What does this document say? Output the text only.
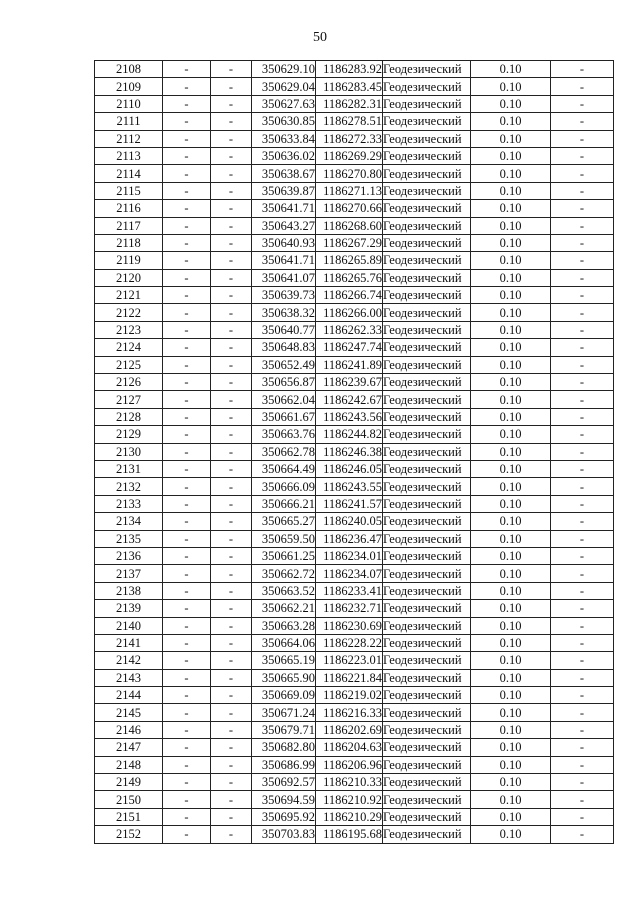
50
2108	-	-	350629.10	1186283.92	Геодезический	0.10	-
2109	-	-	350629.04	1186283.45	Геодезический	0.10	-
2110	-	-	350627.63	1186282.31	Геодезический	0.10	-
2111	-	-	350630.85	1186278.51	Геодезический	0.10	-
2112	-	-	350633.84	1186272.33	Геодезический	0.10	-
2113	-	-	350636.02	1186269.29	Геодезический	0.10	-
2114	-	-	350638.67	1186270.80	Геодезический	0.10	-
2115	-	-	350639.87	1186271.13	Геодезический	0.10	-
2116	-	-	350641.71	1186270.66	Геодезический	0.10	-
2117	-	-	350643.27	1186268.60	Геодезический	0.10	-
2118	-	-	350640.93	1186267.29	Геодезический	0.10	-
2119	-	-	350641.71	1186265.89	Геодезический	0.10	-
2120	-	-	350641.07	1186265.76	Геодезический	0.10	-
2121	-	-	350639.73	1186266.74	Геодезический	0.10	-
2122	-	-	350638.32	1186266.00	Геодезический	0.10	-
2123	-	-	350640.77	1186262.33	Геодезический	0.10	-
2124	-	-	350648.83	1186247.74	Геодезический	0.10	-
2125	-	-	350652.49	1186241.89	Геодезический	0.10	-
2126	-	-	350656.87	1186239.67	Геодезический	0.10	-
2127	-	-	350662.04	1186242.67	Геодезический	0.10	-
2128	-	-	350661.67	1186243.56	Геодезический	0.10	-
2129	-	-	350663.76	1186244.82	Геодезический	0.10	-
2130	-	-	350662.78	1186246.38	Геодезический	0.10	-
2131	-	-	350664.49	1186246.05	Геодезический	0.10	-
2132	-	-	350666.09	1186243.55	Геодезический	0.10	-
2133	-	-	350666.21	1186241.57	Геодезический	0.10	-
2134	-	-	350665.27	1186240.05	Геодезический	0.10	-
2135	-	-	350659.50	1186236.47	Геодезический	0.10	-
2136	-	-	350661.25	1186234.01	Геодезический	0.10	-
2137	-	-	350662.72	1186234.07	Геодезический	0.10	-
2138	-	-	350663.52	1186233.41	Геодезический	0.10	-
2139	-	-	350662.21	1186232.71	Геодезический	0.10	-
2140	-	-	350663.28	1186230.69	Геодезический	0.10	-
2141	-	-	350664.06	1186228.22	Геодезический	0.10	-
2142	-	-	350665.19	1186223.01	Геодезический	0.10	-
2143	-	-	350665.90	1186221.84	Геодезический	0.10	-
2144	-	-	350669.09	1186219.02	Геодезический	0.10	-
2145	-	-	350671.24	1186216.33	Геодезический	0.10	-
2146	-	-	350679.71	1186202.69	Геодезический	0.10	-
2147	-	-	350682.80	1186204.63	Геодезический	0.10	-
2148	-	-	350686.99	1186206.96	Геодезический	0.10	-
2149	-	-	350692.57	1186210.33	Геодезический	0.10	-
2150	-	-	350694.59	1186210.92	Геодезический	0.10	-
2151	-	-	350695.92	1186210.29	Геодезический	0.10	-
2152	-	-	350703.83	1186195.68	Геодезический	0.10	-
